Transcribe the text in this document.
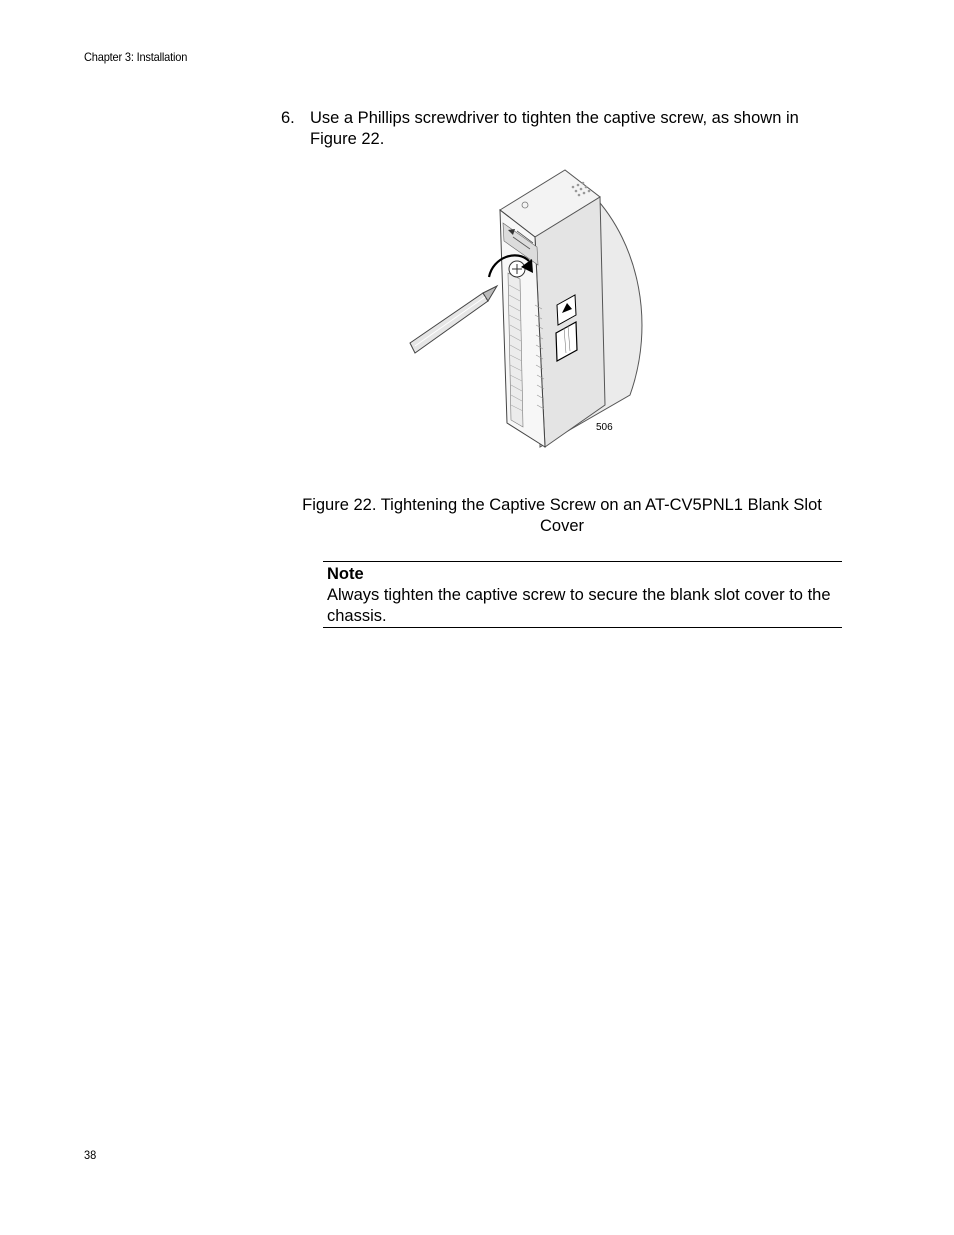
Chapter 3: Installation
6. Use a Phillips screwdriver to tighten the captive screw, as shown in Figure 22.
506
Figure 22. Tightening the Captive Screw on an AT-CV5PNL1 Blank Slot Cover
Note
Always tighten the captive screw to secure the blank slot cover to the chassis.
38
